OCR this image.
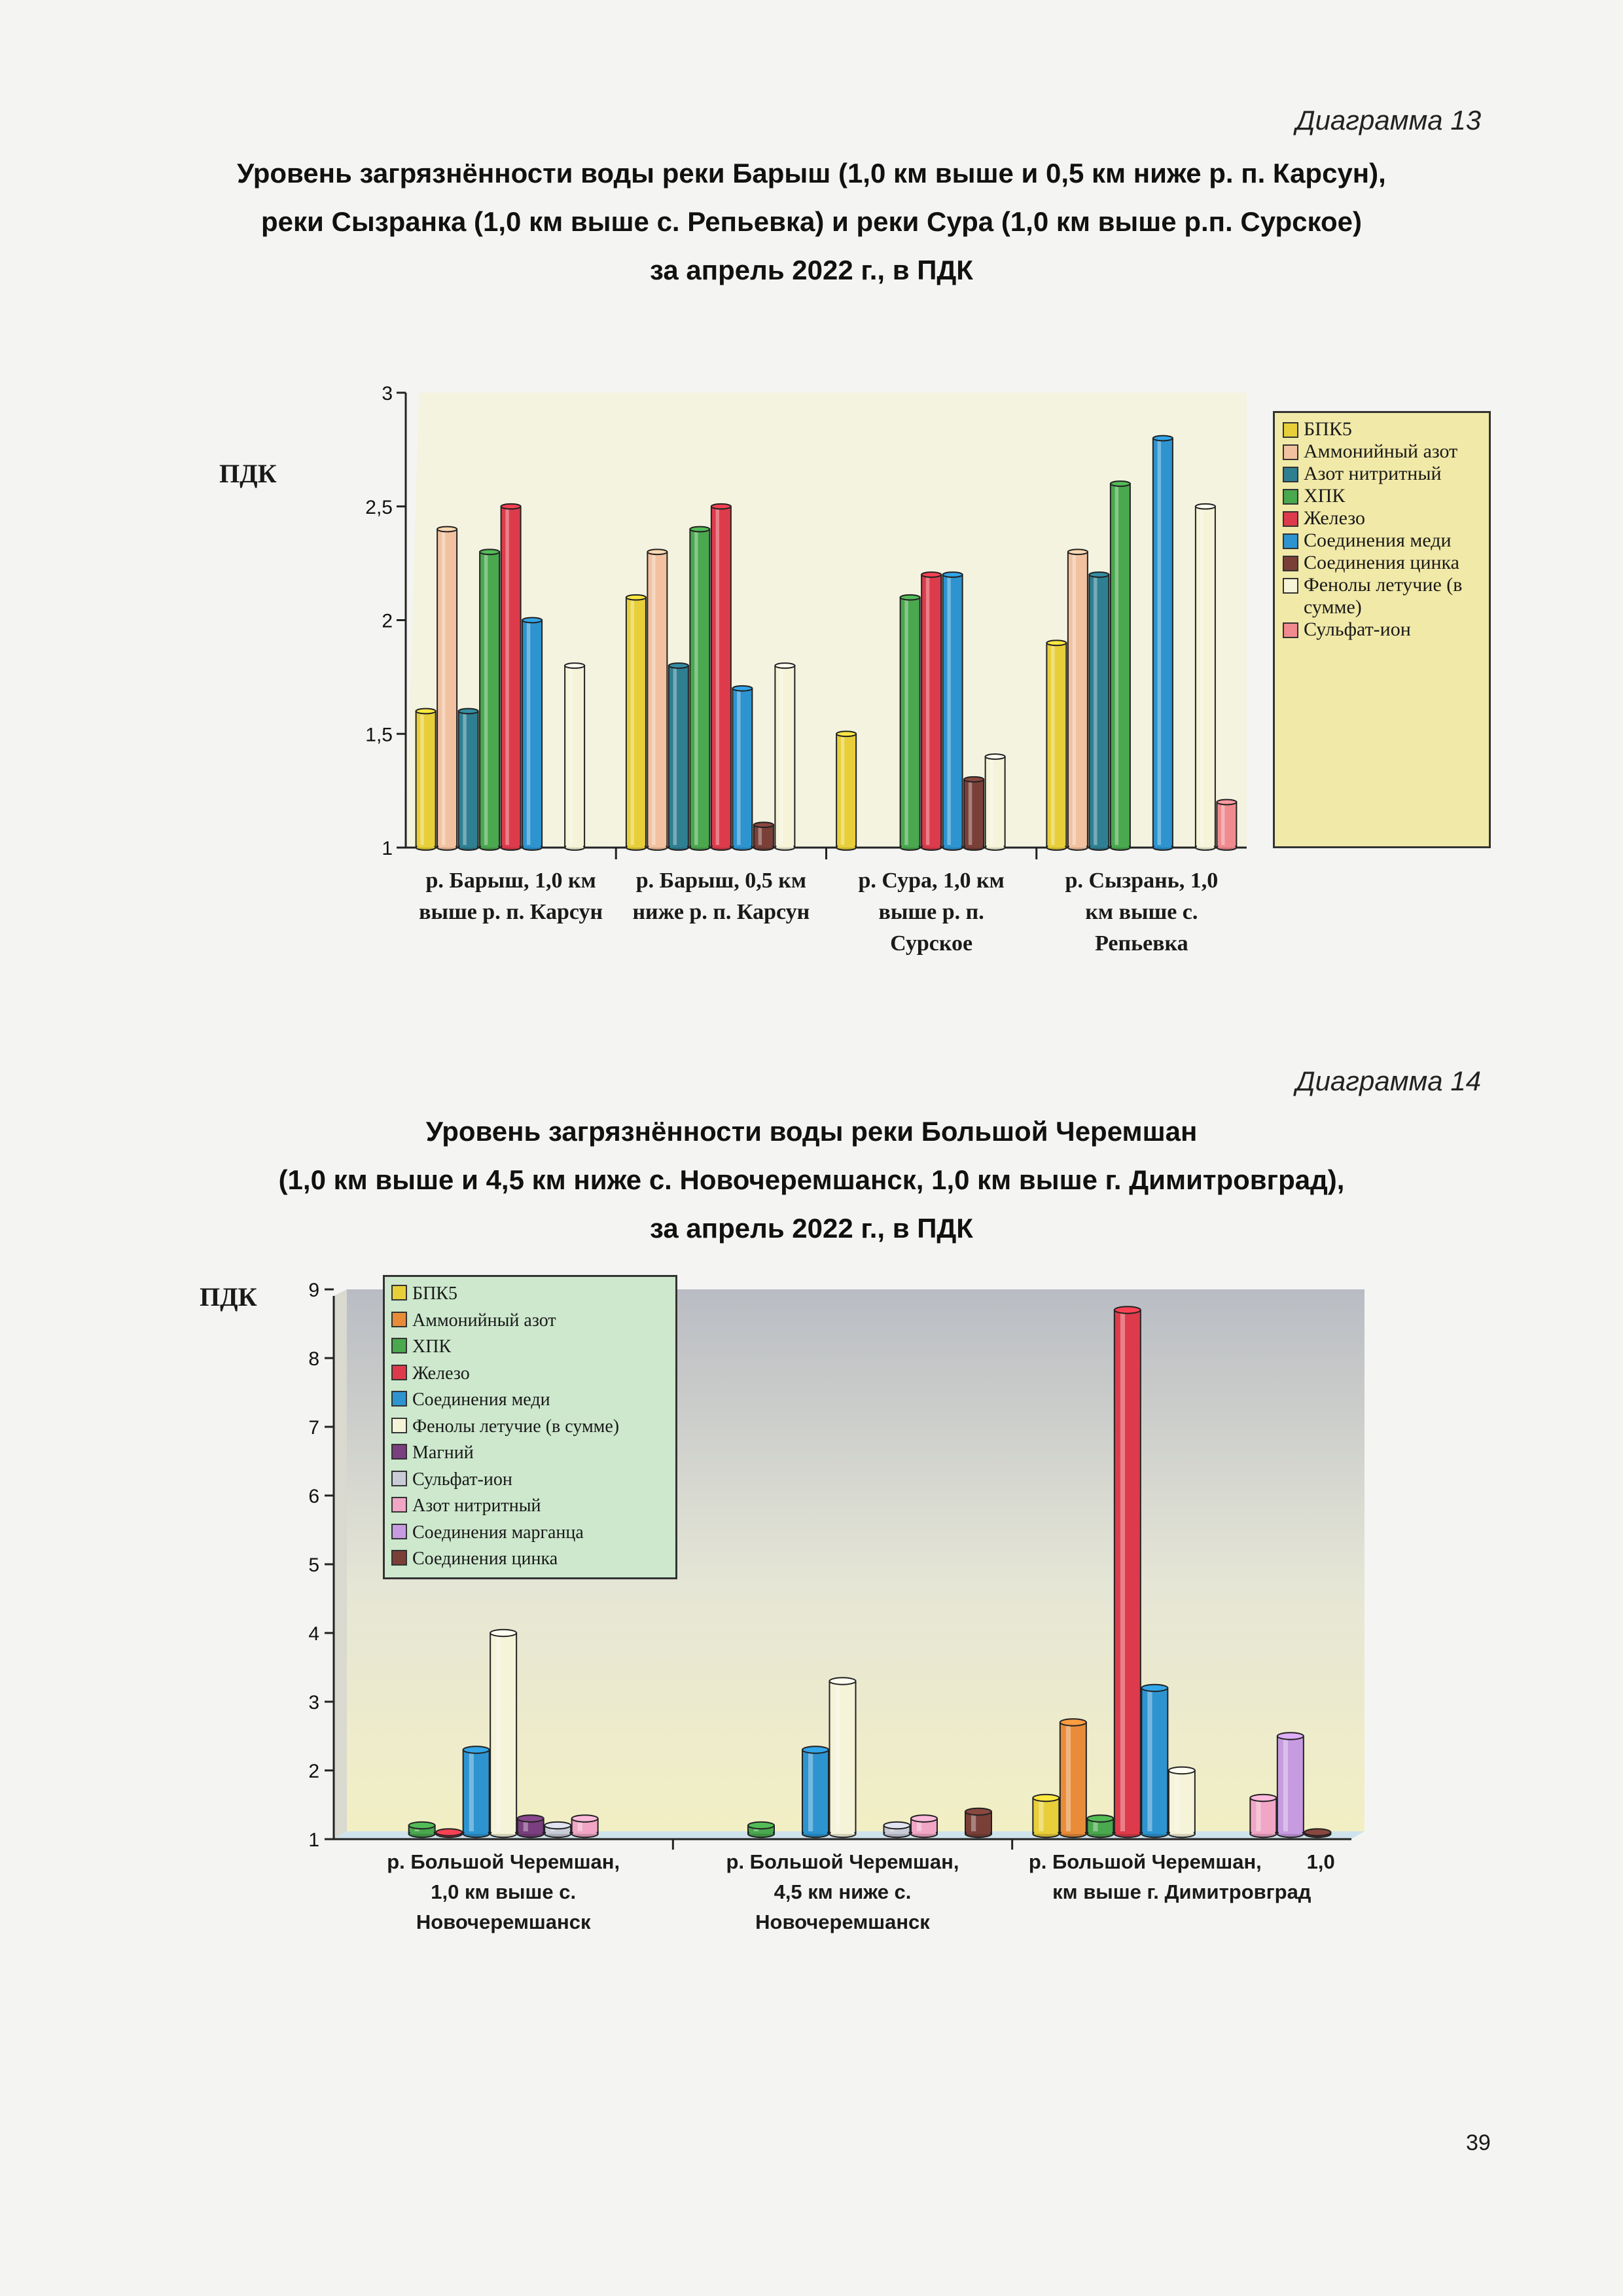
Диаграмма 13
Уровень загрязнённости воды реки Барыш (1,0 км выше и 0,5 км ниже р. п. Карсун),
реки Сызранка (1,0 км выше с. Репьевка) и реки Сура (1,0 км выше р.п. Сурское)
за апрель 2022 г., в ПДК
ПДК
1
1,5
2
2,5
3
р. Барыш, 1,0 км
выше р. п. Карсун
р. Барыш, 0,5 км
ниже р. п. Карсун
р. Сура, 1,0 км
выше р. п.
Сурское
р. Сызрань, 1,0
км выше с.
Репьевка
БПК5
Аммонийный азот
Азот нитритный
ХПК
Железо
Соединения меди
Соединения цинка
Фенолы летучие (в сумме)
Сульфат-ион
Диаграмма 14
Уровень загрязнённости воды реки Большой Черемшан
(1,0 км выше и 4,5 км ниже с. Новочеремшанск, 1,0 км выше г. Димитровград),
за апрель 2022 г., в ПДК
ПДК
1
2
3
4
5
6
7
8
9
р. Большой Черемшан,
1,0 км выше с.
Новочеремшанск
р. Большой Черемшан,
4,5 км ниже с.
Новочеремшанск
р. Большой Черемшан,        1,0
км выше г. Димитровград
БПК5
Аммонийный азот
ХПК
Железо
Соединения меди
Фенолы летучие (в сумме)
Магний
Сульфат-ион
Азот нитритный
Соединения марганца
Соединения цинка
39
